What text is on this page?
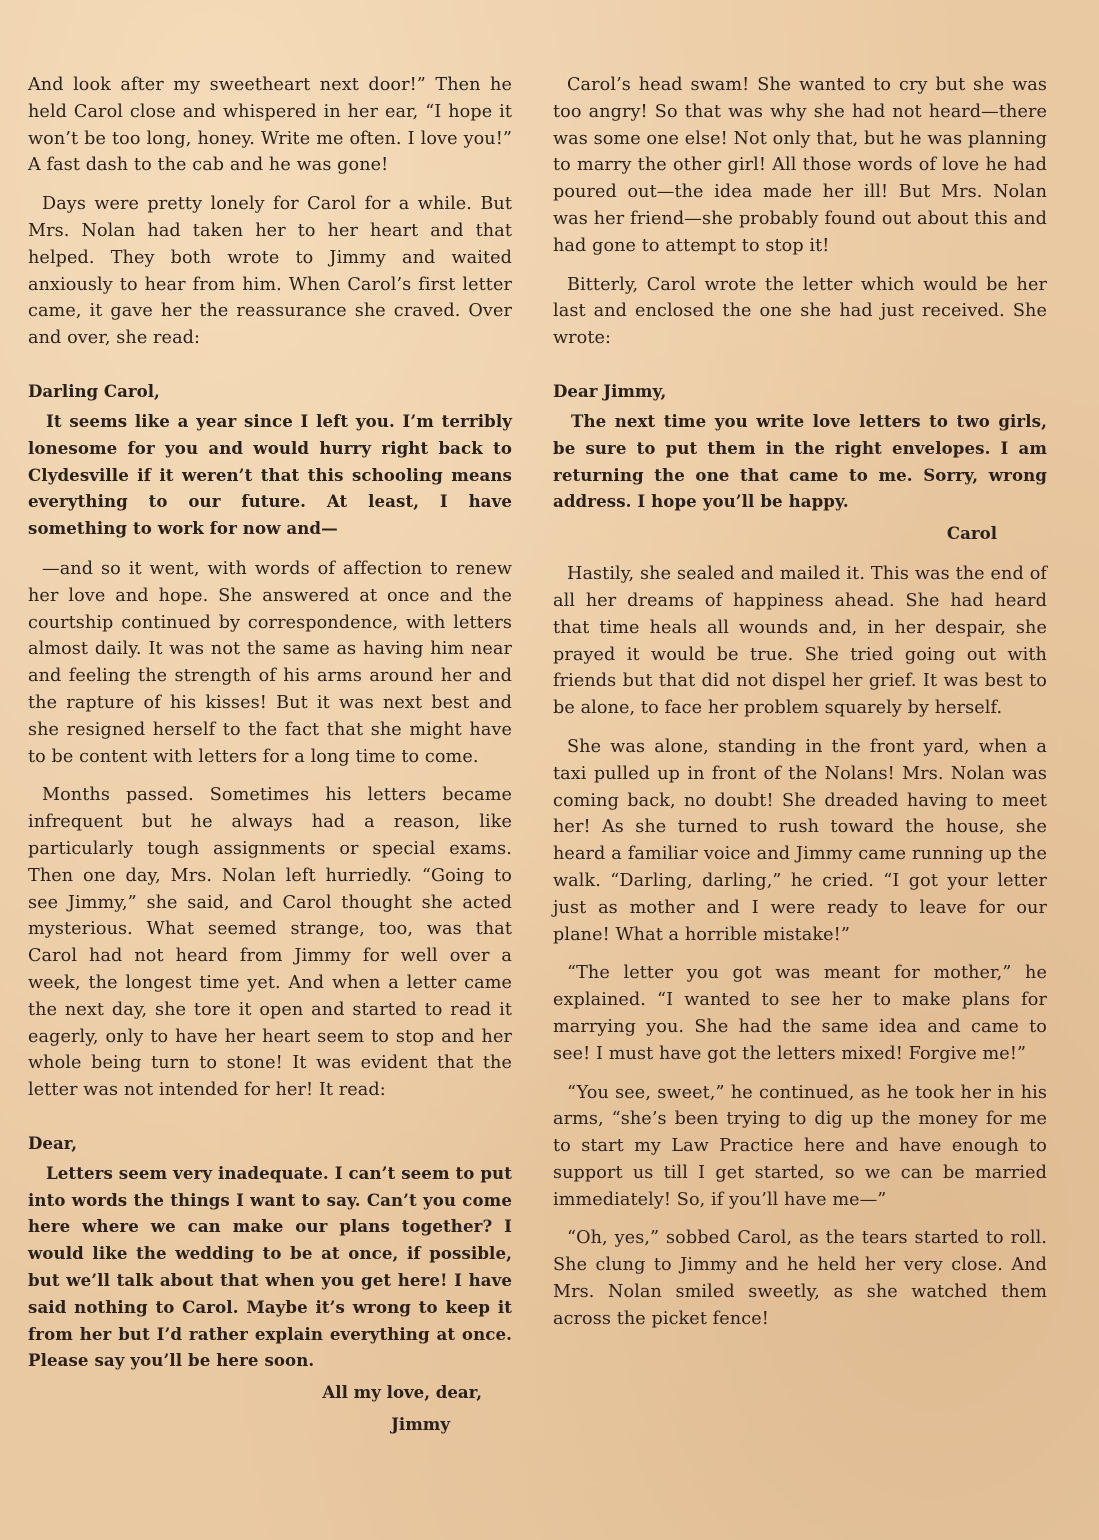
And look after my sweetheart next door!” Then he held Carol close and whispered in her ear, “I hope it won’t be too long, honey. Write me often. I love you!” A fast dash to the cab and he was gone!

Days were pretty lonely for Carol for a while. But Mrs. Nolan had taken her to her heart and that helped. They both wrote to Jimmy and waited anxiously to hear from him. When Carol’s first letter came, it gave her the reassurance she craved. Over and over, she read:

Darling Carol,

It seems like a year since I left you. I’m terribly lonesome for you and would hurry right back to Clydesville if it weren’t that this schooling means everything to our future. At least, I have something to work for now and—

—and so it went, with words of affection to renew her love and hope. She answered at once and the courtship continued by correspondence, with letters almost daily. It was not the same as having him near and feeling the strength of his arms around her and the rapture of his kisses! But it was next best and she resigned herself to the fact that she might have to be content with letters for a long time to come.

Months passed. Sometimes his letters became infrequent but he always had a reason, like particularly tough assignments or special exams. Then one day, Mrs. Nolan left hurriedly. “Going to see Jimmy,” she said, and Carol thought she acted mysterious. What seemed strange, too, was that Carol had not heard from Jimmy for well over a week, the longest time yet. And when a letter came the next day, she tore it open and started to read it eagerly, only to have her heart seem to stop and her whole being turn to stone! It was evident that the letter was not intended for her! It read:

Dear,

Letters seem very inadequate. I can’t seem to put into words the things I want to say. Can’t you come here where we can make our plans together? I would like the wedding to be at once, if possible, but we’ll talk about that when you get here! I have said nothing to Carol. Maybe it’s wrong to keep it from her but I’d rather explain everything at once. Please say you’ll be here soon.

All my love, dear,

Jimmy

Carol’s head swam! She wanted to cry but she was too angry! So that was why she had not heard—there was some one else! Not only that, but he was planning to marry the other girl! All those words of love he had poured out—the idea made her ill! But Mrs. Nolan was her friend—she probably found out about this and had gone to attempt to stop it!

Bitterly, Carol wrote the letter which would be her last and enclosed the one she had just received. She wrote:

Dear Jimmy,

The next time you write love letters to two girls, be sure to put them in the right envelopes. I am returning the one that came to me. Sorry, wrong address. I hope you’ll be happy.

Carol

Hastily, she sealed and mailed it. This was the end of all her dreams of happiness ahead. She had heard that time heals all wounds and, in her despair, she prayed it would be true. She tried going out with friends but that did not dispel her grief. It was best to be alone, to face her problem squarely by herself.

She was alone, standing in the front yard, when a taxi pulled up in front of the Nolans! Mrs. Nolan was coming back, no doubt! She dreaded having to meet her! As she turned to rush toward the house, she heard a familiar voice and Jimmy came running up the walk. “Darling, darling,” he cried. “I got your letter just as mother and I were ready to leave for our plane! What a horrible mistake!”

“The letter you got was meant for mother,” he explained. “I wanted to see her to make plans for marrying you. She had the same idea and came to see! I must have got the letters mixed! Forgive me!”

“You see, sweet,” he continued, as he took her in his arms, “she’s been trying to dig up the money for me to start my Law Practice here and have enough to support us till I get started, so we can be married immediately! So, if you’ll have me—”

“Oh, yes,” sobbed Carol, as the tears started to roll. She clung to Jimmy and he held her very close. And Mrs. Nolan smiled sweetly, as she watched them across the picket fence!
